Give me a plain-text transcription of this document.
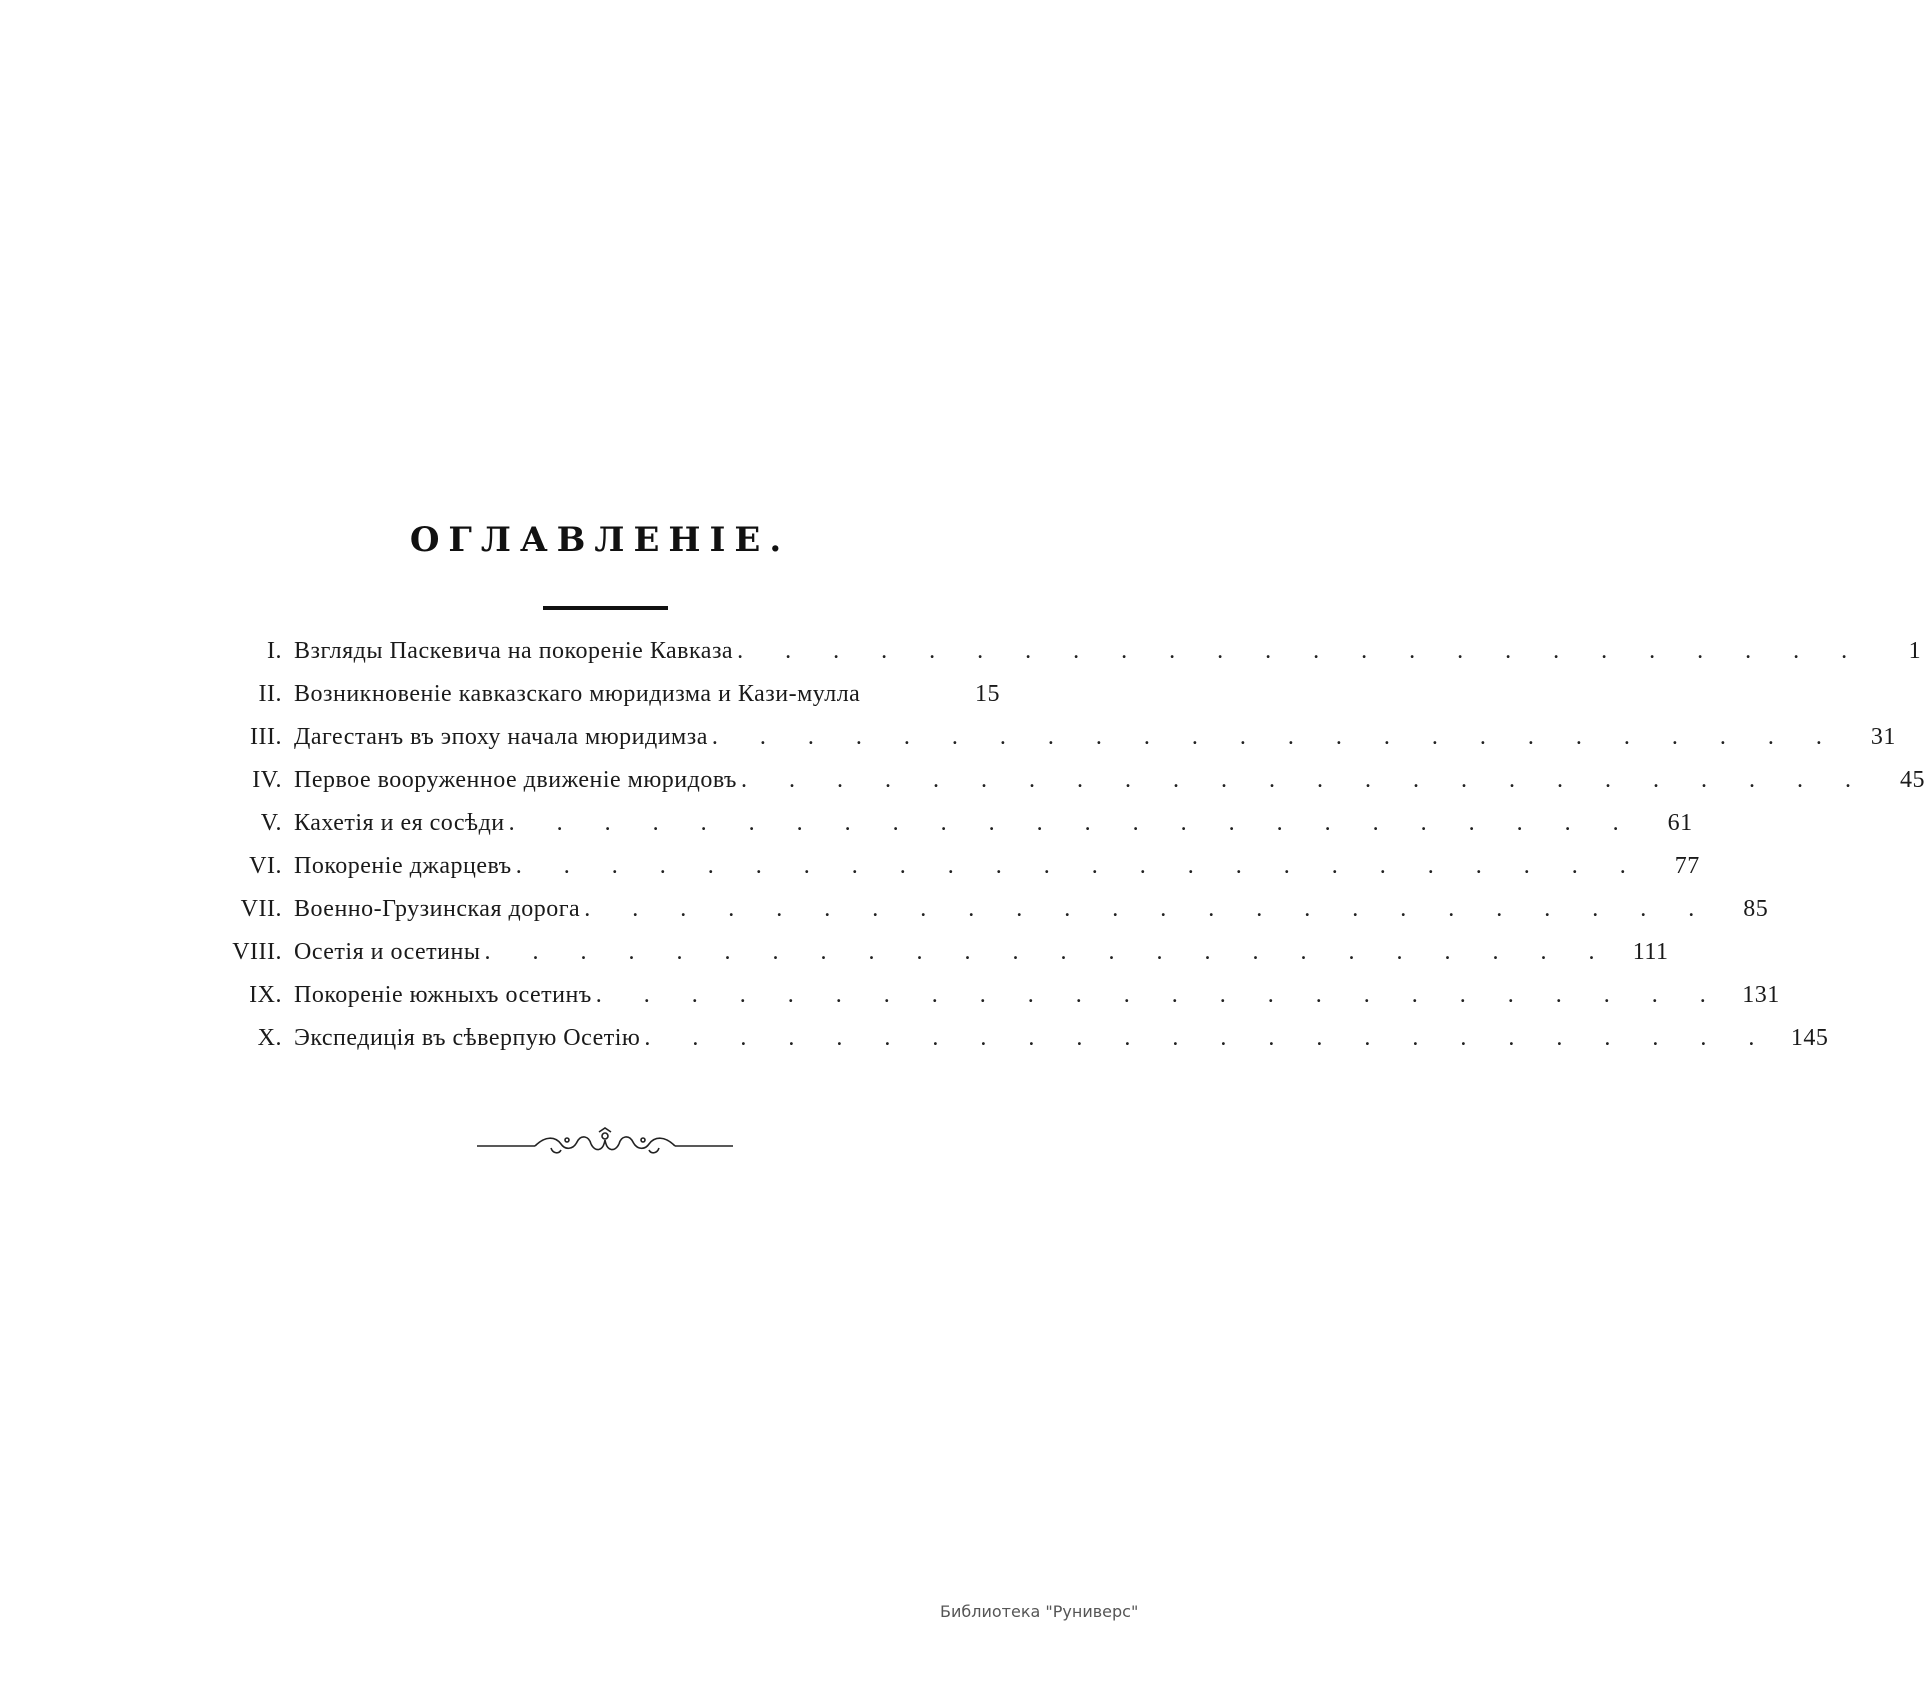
ОГЛАВЛЕНІЕ.
I. Взгляды Паскевича на покореніе Кавказа . . . . . . . . . . . . . . . . . . . . . . . .	1
II. Возникновеніе кавказскаго мюридизма и Кази-мулла	15
III. Дагестанъ въ эпоху начала мюридимза . . . . . . . . . . . . . . . . . . . . . . . .	31
IV. Первое вооруженное движеніе мюридовъ . . . . . . . . . . . . . . . . . . . . . . . .	45
V. Кахетія и ея сосѣди . . . . . . . . . . . . . . . . . . . . . . . .	61
VI. Покореніе джарцевъ . . . . . . . . . . . . . . . . . . . . . . . .	77
VII. Военно-Грузинская дорога . . . . . . . . . . . . . . . . . . . . . . . .	85
VIII. Осетія и осетины . . . . . . . . . . . . . . . . . . . . . . . . 111
IX. Покореніе южныхъ осетинъ . . . . . . . . . . . . . . . . . . . . . . . . 131
X. Экспедиція въ сѣверпую Осетію . . . . . . . . . . . . . . . . . . . . . . . . 145
Библиотека "Руниверс"
